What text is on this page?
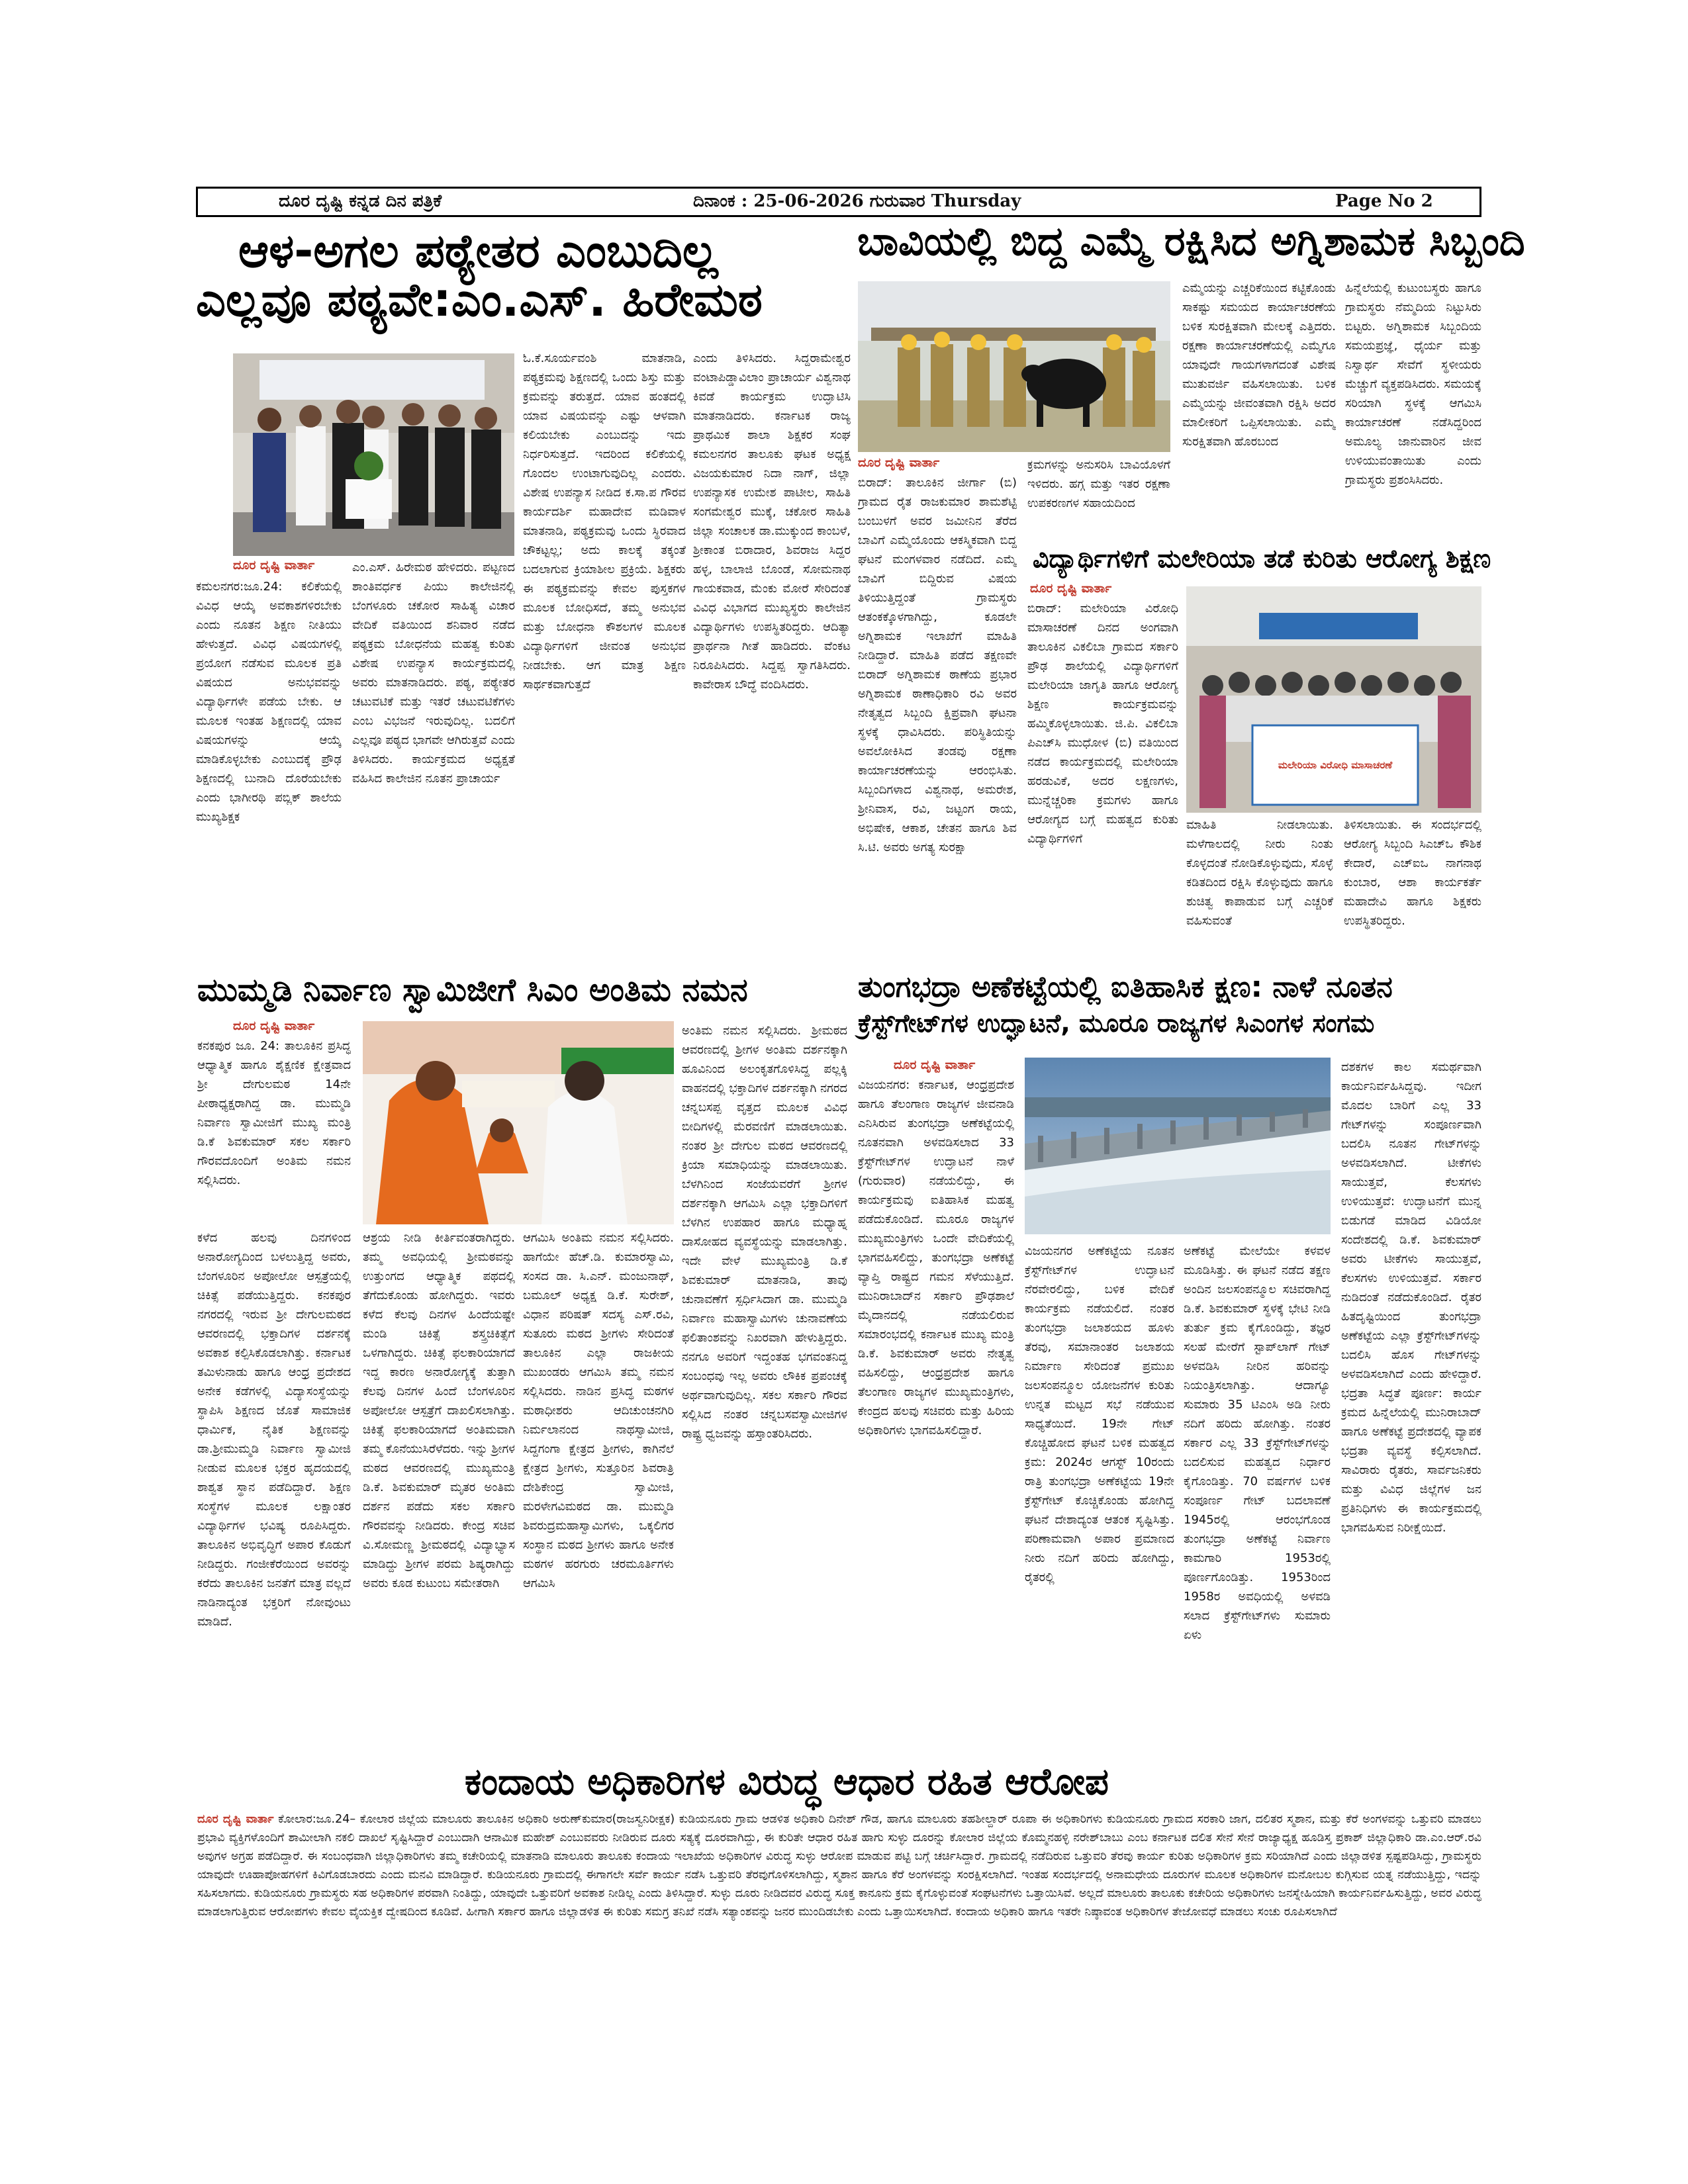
ದೂರ ದೃಷ್ಟಿ ಕನ್ನಡ ದಿನ ಪತ್ರಿಕೆ	ದಿನಾಂಕ : 25-06-2026 ಗುರುವಾರ Thursday	Page No 2
ಆಳ-ಅಗಲ ಪಠ್ಯೇತರ ಎಂಬುದಿಲ್ಲ
ಎಲ್ಲವೂ ಪಠ್ಯವೇ:ಎಂ.ಎಸ್. ಹಿರೇಮಠ
ಕಮಲನಗರ:ಜೂ.24: ಕಲಿಕೆಯಲ್ಲಿ ವಿವಿಧ ಆಯ್ಕೆ ಅವಕಾಶಗಳಿರಬೇಕು ಎಂದು ನೂತನ ಶಿಕ್ಷಣ ನೀತಿಯು ಹೇಳುತ್ತದೆ. ವಿವಿಧ ವಿಷಯಗಳಲ್ಲಿ ಪ್ರಯೋಗ ನಡೆಸುವ ಮೂಲಕ ಪ್ರತಿ ವಿಷಯದ ಅನುಭವವನ್ನು ವಿದ್ಯಾರ್ಥಿಗಳೇ ಪಡೆಯ ಬೇಕು. ಆ ಮೂಲಕ ಇಂತಹ ಶಿಕ್ಷಣದಲ್ಲಿ ಯಾವ ವಿಷಯಗಳನ್ನು ಆಯ್ಕೆ ಮಾಡಿಕೊಳ್ಳಬೇಕು ಎಂಬುದಕ್ಕೆ ಪ್ರೌಢ ಶಿಕ್ಷಣದಲ್ಲಿ ಬುನಾದಿ ದೊರೆಯಬೇಕು ಎಂದು ಭಾಗೀರಥಿ ಪಬ್ಲಿಕ್ ಶಾಲೆಯ ಮುಖ್ಯಶಿಕ್ಷಕ
ದೂರ ದೃಷ್ಟಿ ವಾರ್ತಾ	ಎಂ.ಎಸ್. ಹಿರೇಮಠ ಹೇಳಿದರು. ಪಟ್ಟಣದ ಶಾಂತಿವರ್ಧಕ ಪಿಯು ಕಾಲೇಜಿನಲ್ಲಿ ಬೆಂಗಳೂರು ಚಕೋರ ಸಾಹಿತ್ಯ ವಿಚಾರ ವೇದಿಕೆ ವತಿಯಿಂದ ಶನಿವಾರ ನಡೆದ ಪಠ್ಯಕ್ರಮ ಬೋಧನೆಯ ಮಹತ್ವ ಕುರಿತು ವಿಶೇಷ ಉಪನ್ಯಾಸ ಕಾರ್ಯಕ್ರಮದಲ್ಲಿ ಅವರು ಮಾತನಾಡಿದರು. ಪಠ್ಯ, ಪಠ್ಯೇತರ ಚಟುವಟಿಕೆ ಮತ್ತು ಇತರೆ ಚಟುವಟಿಕೆಗಳು ಎಂಬ ವಿಭಜನೆ ಇರುವುದಿಲ್ಲ. ಬದಲಿಗೆ ಎಲ್ಲವೂ ಪಠ್ಯದ ಭಾಗವೇ ಆಗಿರುತ್ತವೆ ಎಂದು ತಿಳಿಸಿದರು. ಕಾರ್ಯಕ್ರಮದ ಅಧ್ಯಕ್ಷತೆ ವಹಿಸಿದ ಕಾಲೇಜಿನ ನೂತನ ಪ್ರಾಚಾರ್ಯ
ಓ.ಕೆ.ಸೂರ್ಯವಂಶಿ ಮಾತನಾಡಿ, ಪಠ್ಯಕ್ರಮವು ಶಿಕ್ಷಣದಲ್ಲಿ ಒಂದು ಶಿಸ್ತು ಮತ್ತು ಕ್ರಮವನ್ನು ತರುತ್ತದೆ. ಯಾವ ಹಂತದಲ್ಲಿ ಯಾವ ವಿಷಯವನ್ನು ಎಷ್ಟು ಆಳವಾಗಿ ಕಲಿಯಬೇಕು ಎಂಬುದನ್ನು ಇದು ನಿರ್ಧರಿಸುತ್ತದೆ. ಇದರಿಂದ ಕಲಿಕೆಯಲ್ಲಿ ಗೊಂದಲ ಉಂಟಾಗುವುದಿಲ್ಲ ಎಂದರು. ವಿಶೇಷ ಉಪನ್ಯಾಸ ನೀಡಿದ ಕ.ಸಾ.ಪ ಗೌರವ ಕಾರ್ಯದರ್ಶಿ ಮಹಾದೇವ ಮಡಿವಾಳ ಮಾತನಾಡಿ, ಪಠ್ಯಕ್ರಮವು ಒಂದು ಸ್ಥಿರವಾದ ಚೌಕಟ್ಟಲ್ಲ; ಅದು ಕಾಲಕ್ಕೆ ತಕ್ಕಂತೆ ಬದಲಾಗುವ ಕ್ರಿಯಾಶೀಲ ಪ್ರಕ್ರಿಯೆ. ಶಿಕ್ಷಕರು ಈ ಪಠ್ಯಕ್ರಮವನ್ನು ಕೇವಲ ಪುಸ್ತಕಗಳ ಮೂಲಕ ಬೋಧಿಸದೆ, ತಮ್ಮ ಅನುಭವ ಮತ್ತು ಬೋಧನಾ ಕೌಶಲಗಳ ಮೂಲಕ ವಿದ್ಯಾರ್ಥಿಗಳಿಗೆ ಜೀವಂತ ಅನುಭವ ನೀಡಬೇಕು. ಆಗ ಮಾತ್ರ ಶಿಕ್ಷಣ ಸಾರ್ಥಕವಾಗುತ್ತದೆ
ಎಂದು ತಿಳಿಸಿದರು. ಸಿದ್ದರಾಮೇಶ್ವರ ವಂಟಾಪಿಡ್ಡಾವಿಲಾಂ ಪ್ರಾಚಾರ್ಯ ವಿಶ್ವನಾಥ ಕಿವಡೆ ಕಾರ್ಯಕ್ರಮ ಉದ್ಘಾಟಿಸಿ ಮಾತನಾಡಿದರು. ಕರ್ನಾಟಕ ರಾಜ್ಯ ಪ್ರಾಥಮಿಕ ಶಾಲಾ ಶಿಕ್ಷಕರ ಸಂಘ ಕಮಲನಗರ ತಾಲೂಕು ಘಟಕ ಅಧ್ಯಕ್ಷ ವಿಜಯಕುಮಾರ ನಿದಾ ನಾಗ್, ಜಿಲ್ಲಾ ಉಪನ್ಯಾಸಕ ಉಮೇಶ ಪಾಟೀಲ, ಸಾಹಿತಿ ಸಂಗಮೇಶ್ವರ ಮುಕ್ಕೆ, ಚಕೋರ ಸಾಹಿತಿ ಜಿಲ್ಲಾ ಸಂಚಾಲಕ ಡಾ.ಮುಕ್ಕುಂದ ಕಾಂಬಳೆ, ಶ್ರೀಕಾಂತ ಬಿರಾದಾರ, ಶಿವರಾಜ ಸಿದ್ದರ ಹಳ್ಳ, ಬಾಲಾಜಿ ಬೊಂಡೆ, ಸೋಮನಾಥ ಗಾಯಕವಾಡ, ಮೆಂಕು ಮೋರೆ ಸೇರಿದಂತೆ ವಿವಿಧ ವಿಭಾಗದ ಮುಖ್ಯಸ್ಥರು ಕಾಲೇಜಿನ ವಿದ್ಯಾರ್ಥಿಗಳು ಉಪಸ್ಥಿತರಿದ್ದರು. ಆದಿತ್ಯಾ ಪ್ರಾರ್ಥನಾ ಗೀತೆ ಹಾಡಿದರು. ವೆಂಕಟ ನಿರೂಪಿಸಿದರು. ಸಿದ್ದಪ್ಪ ಸ್ವಾಗತಿಸಿದರು. ಕಾವೇರಾಸ ಬೌದ್ಧೆ ವಂದಿಸಿದರು.
ಬಾವಿಯಲ್ಲಿ ಬಿದ್ದ ಎಮ್ಮೆ ರಕ್ಷಿಸಿದ ಅಗ್ನಿಶಾಮಕ ಸಿಬ್ಬಂದಿ
ದೂರ ದೃಷ್ಟಿ ವಾರ್ತಾ
ಬಿರಾದ್: ತಾಲೂಕಿನ ಜೀರ್ಗಾ (ಬಿ) ಗ್ರಾಮದ ರೈತ ರಾಜಕುಮಾರ ಶಾಮಶೆಟ್ಟಿ ಬಂಬುಳಗೆ ಅವರ ಜಮೀನಿನ ತೆರೆದ ಬಾವಿಗೆ ಎಮ್ಮೆಯೊಂದು ಆಕಸ್ಮಿಕವಾಗಿ ಬಿದ್ದ ಘಟನೆ ಮಂಗಳವಾರ ನಡೆದಿದೆ. ಎಮ್ಮೆ ಬಾವಿಗೆ ಬಿದ್ದಿರುವ ವಿಷಯ ತಿಳಿಯುತ್ತಿದ್ದಂತೆ ಗ್ರಾಮಸ್ಥರು ಆತಂಕಕ್ಕೊಳಗಾಗಿದ್ದು, ಕೂಡಲೇ ಅಗ್ನಿಶಾಮಕ ಇಲಾಖೆಗೆ ಮಾಹಿತಿ ನೀಡಿದ್ದಾರೆ. ಮಾಹಿತಿ ಪಡೆದ ತಕ್ಷಣವೇ ಬಿರಾದ್ ಅಗ್ನಿಶಾಮಕ ಠಾಣೆಯ ಪ್ರಭಾರ ಅಗ್ನಿಶಾಮಕ ಠಾಣಾಧಿಕಾರಿ ರವಿ ಅವರ ನೇತೃತ್ವದ ಸಿಬ್ಬಂದಿ ಕ್ಷಿಪ್ರವಾಗಿ ಘಟನಾ ಸ್ಥಳಕ್ಕೆ ಧಾವಿಸಿದರು. ಪರಿಸ್ಥಿತಿಯನ್ನು ಅವಲೋಕಿಸಿದ ತಂಡವು ರಕ್ಷಣಾ ಕಾರ್ಯಾಚರಣೆಯನ್ನು ಆರಂಭಿಸಿತು. ಸಿಬ್ಬಂದಿಗಳಾದ ವಿಶ್ವನಾಥ, ಅಮರೇಶ, ಶ್ರೀನಿವಾಸ, ರವಿ, ಜಟ್ಟಂಗ ರಾಯ, ಅಭಿಷೇಕ, ಆಕಾಶ, ಚೇತನ ಹಾಗೂ ಶಿವ ಸಿ.ಟಿ. ಅವರು ಅಗತ್ಯ ಸುರಕ್ಷಾ
ಕ್ರಮಗಳನ್ನು ಅನುಸರಿಸಿ ಬಾವಿಯೊಳಗೆ ಇಳಿದರು. ಹಗ್ಗ ಮತ್ತು ಇತರ ರಕ್ಷಣಾ ಉಪಕರಣಗಳ ಸಹಾಯದಿಂದ
ಎಮ್ಮೆಯನ್ನು ಎಚ್ಚರಿಕೆಯಿಂದ ಕಟ್ಟಿಕೊಂಡು ಸಾಕಷ್ಟು ಸಮಯದ ಕಾರ್ಯಾಚರಣೆಯ ಬಳಿಕ ಸುರಕ್ಷಿತವಾಗಿ ಮೇಲಕ್ಕೆ ಎತ್ತಿದರು. ರಕ್ಷಣಾ ಕಾರ್ಯಾಚರಣೆಯಲ್ಲಿ ಎಮ್ಮೆಗೂ ಯಾವುದೇ ಗಾಯಗಳಾಗದಂತೆ ವಿಶೇಷ ಮುತುವರ್ಜಿ ವಹಿಸಲಾಯಿತು. ಬಳಿಕ ಎಮ್ಮೆಯನ್ನು ಜೀವಂತವಾಗಿ ರಕ್ಷಿಸಿ ಅದರ ಮಾಲೀಕರಿಗೆ ಒಪ್ಪಿಸಲಾಯಿತು. ಎಮ್ಮೆ ಸುರಕ್ಷಿತವಾಗಿ ಹೊರಬಂದ
ಹಿನ್ನೆಲೆಯಲ್ಲಿ ಕುಟುಂಬಸ್ಥರು ಹಾಗೂ ಗ್ರಾಮಸ್ಥರು ನೆಮ್ಮದಿಯ ನಿಟ್ಟುಸಿರು ಬಿಟ್ಟರು. ಅಗ್ನಿಶಾಮಕ ಸಿಬ್ಬಂದಿಯ ಸಮಯಪ್ರಜ್ಞೆ, ಧೈರ್ಯ ಮತ್ತು ನಿಸ್ವಾರ್ಥ ಸೇವೆಗೆ ಸ್ಥಳೀಯರು ಮೆಚ್ಚುಗೆ ವ್ಯಕ್ತಪಡಿಸಿದರು. ಸಮಯಕ್ಕೆ ಸರಿಯಾಗಿ ಸ್ಥಳಕ್ಕೆ ಆಗಮಿಸಿ ಕಾರ್ಯಾಚರಣೆ ನಡೆಸಿದ್ದರಿಂದ ಅಮೂಲ್ಯ ಜಾನುವಾರಿನ ಜೀವ ಉಳಿಯುವಂತಾಯಿತು ಎಂದು ಗ್ರಾಮಸ್ಥರು ಪ್ರಶಂಸಿಸಿದರು.
ವಿದ್ಯಾರ್ಥಿಗಳಿಗೆ ಮಲೇರಿಯಾ ತಡೆ ಕುರಿತು ಆರೋಗ್ಯ ಶಿಕ್ಷಣ
ದೂರ ದೃಷ್ಟಿ ವಾರ್ತಾ
ಬಿರಾದ್: ಮಲೇರಿಯಾ ವಿರೋಧಿ ಮಾಸಾಚರಣೆ ದಿನದ ಅಂಗವಾಗಿ ತಾಲೂಕಿನ ವಿಕಲಿಬಾ ಗ್ರಾಮದ ಸರ್ಕಾರಿ ಪ್ರೌಢ ಶಾಲೆಯಲ್ಲಿ ವಿದ್ಯಾರ್ಥಿಗಳಿಗೆ ಮಲೇರಿಯಾ ಜಾಗೃತಿ ಹಾಗೂ ಆರೋಗ್ಯ ಶಿಕ್ಷಣ ಕಾರ್ಯಕ್ರಮವನ್ನು ಹಮ್ಮಿಕೊಳ್ಳಲಾಯಿತು. ಜಿ.ಪಿ. ವಿಕಲಿಬಾ ಪಿಎಚ್‌ಸಿ ಮುಧೋಳ (ಬಿ) ವತಿಯಿಂದ ನಡೆದ ಕಾರ್ಯಕ್ರಮದಲ್ಲಿ ಮಲೇರಿಯಾ ಹರಡುವಿಕೆ, ಅದರ ಲಕ್ಷಣಗಳು, ಮುನ್ನೆಚ್ಚರಿಕಾ ಕ್ರಮಗಳು ಹಾಗೂ ಆರೋಗ್ಯದ ಬಗ್ಗೆ ಮಹತ್ವದ ಕುರಿತು ವಿದ್ಯಾರ್ಥಿಗಳಿಗೆ
ಮಲೇರಿಯಾ ವಿರೋಧಿ ಮಾಸಾಚರಣೆ
ಮಾಹಿತಿ ನೀಡಲಾಯಿತು. ಮಳೆಗಾಲದಲ್ಲಿ ನೀರು ನಿಂತು ಕೊಳ್ಳದಂತೆ ನೋಡಿಕೊಳ್ಳುವುದು, ಸೊಳ್ಳೆ ಕಡಿತದಿಂದ ರಕ್ಷಿಸಿ ಕೊಳ್ಳುವುದು ಹಾಗೂ ಶುಚಿತ್ವ ಕಾಪಾಡುವ ಬಗ್ಗೆ ಎಚ್ಚರಿಕೆ ವಹಿಸುವಂತೆ
ತಿಳಿಸಲಾಯಿತು. ಈ ಸಂದರ್ಭದಲ್ಲಿ ಆರೋಗ್ಯ ಸಿಬ್ಬಂದಿ ಸಿಎಚ್‌ಒ ಕೌಶಿಕ ಕೇದಾರೆ, ಎಚ್‌ಐಒ ನಾಗನಾಥ ಕುಂಬಾರ, ಆಶಾ ಕಾರ್ಯಕರ್ತೆ ಮಹಾದೇವಿ ಹಾಗೂ ಶಿಕ್ಷಕರು ಉಪಸ್ಥಿತರಿದ್ದರು.
ಮುಮ್ಮಡಿ ನಿರ್ವಾಣ ಸ್ವಾಮಿಜೀಗೆ ಸಿಎಂ ಅಂತಿಮ ನಮನ
ದೂರ ದೃಷ್ಟಿ ವಾರ್ತಾ
ಕನಕಪುರ ಜೂ. 24: ತಾಲೂಕಿನ ಪ್ರಸಿದ್ಧ ಆಧ್ಯಾತ್ಮಿಕ ಹಾಗೂ ಶೈಕ್ಷಣಿಕ ಕ್ಷೇತ್ರವಾದ ಶ್ರೀ ದೇಗುಲಮಠ 14ನೇ ಪೀಠಾಧ್ಯಕ್ಷರಾಗಿದ್ದ ಡಾ. ಮುಮ್ಮಡಿ ನಿರ್ವಾಣ ಸ್ವಾಮೀಜಿಗೆ ಮುಖ್ಯ ಮಂತ್ರಿ ಡಿ.ಕೆ ಶಿವಕುಮಾರ್ ಸಕಲ ಸರ್ಕಾರಿ ಗೌರವದೊಂದಿಗೆ ಅಂತಿಮ ನಮನ ಸಲ್ಲಿಸಿದರು.
ಕಳೆದ ಹಲವು ದಿನಗಳಿಂದ ಅನಾರೋಗ್ಯದಿಂದ ಬಳಲುತ್ತಿದ್ದ ಅವರು, ಬೆಂಗಳೂರಿನ ಅಪೋಲೋ ಆಸ್ಪತ್ರೆಯಲ್ಲಿ ಚಿಕಿತ್ಸೆ ಪಡೆಯುತ್ತಿದ್ದರು. ಕನಕಪುರ ನಗರದಲ್ಲಿ ಇರುವ ಶ್ರೀ ದೇಗುಲಮಠದ ಆವರಣದಲ್ಲಿ ಭಕ್ತಾದಿಗಳ ದರ್ಶನಕ್ಕೆ ಅವಕಾಶ ಕಲ್ಪಿಸಿಕೊಡಲಾಗಿತ್ತು. ಕರ್ನಾಟಕ ತಮಿಳುನಾಡು ಹಾಗೂ ಆಂಧ್ರ ಪ್ರದೇಶದ ಅನೇಕ ಕಡೆಗಳಲ್ಲಿ ವಿದ್ಯಾಸಂಸ್ಥೆಯನ್ನು ಸ್ಥಾಪಿಸಿ ಶಿಕ್ಷಣದ ಜೊತೆ ಸಾಮಾಜಿಕ ಧಾರ್ಮಿಕ, ನೈತಿಕ ಶಿಕ್ಷಣವನ್ನು ಡಾ.ಶ್ರೀಮುಮ್ಮಡಿ ನಿರ್ವಾಣ ಸ್ವಾಮೀಜಿ ನೀಡುವ ಮೂಲಕ ಭಕ್ತರ ಹೃದಯದಲ್ಲಿ ಶಾಶ್ವತ ಸ್ಥಾನ ಪಡೆದಿದ್ದಾರೆ. ಶಿಕ್ಷಣ ಸಂಸ್ಥೆಗಳ ಮೂಲಕ ಲಕ್ಷಾಂತರ ವಿದ್ಯಾರ್ಥಿಗಳ ಭವಿಷ್ಯ ರೂಪಿಸಿದ್ದರು. ತಾಲೂಕಿನ ಅಭಿವೃದ್ಧಿಗೆ ಅಪಾರ ಕೊಡುಗೆ ನೀಡಿದ್ದರು. ಗಂಜೀಕೆರೆಯಿಂದ ಅವರನ್ನು ಕರೆದು ತಾಲೂಕಿನ ಜನತೆಗೆ ಮಾತ್ರ ವಲ್ಲದೆ ನಾಡಿನಾದ್ಯಂತ ಭಕ್ತರಿಗೆ ನೋವುಂಟು ಮಾಡಿದೆ.
ಆಶ್ರಯ ನೀಡಿ ಕೀರ್ತಿವಂತರಾಗಿದ್ದರು. ತಮ್ಮ ಅವಧಿಯಲ್ಲಿ ಶ್ರೀಮಠವನ್ನು ಉತ್ತುಂಗದ ಆಧ್ಯಾತ್ಮಿಕ ಪಥದಲ್ಲಿ ತೆಗೆದುಕೊಂಡು ಹೋಗಿದ್ದರು. ಇವರು ಕಳೆದ ಕೆಲವು ದಿನಗಳ ಹಿಂದೆಯಷ್ಟೇ ಮಂಡಿ ಚಿಕಿತ್ಸೆ ಶಸ್ತ್ರಚಿಕಿತ್ಸೆಗೆ ಒಳಗಾಗಿದ್ದರು. ಚಿಕಿತ್ಸೆ ಫಲಕಾರಿಯಾಗದೆ ಇದ್ದ ಕಾರಣ ಅನಾರೋಗ್ಯಕ್ಕೆ ತುತ್ತಾಗಿ ಕೆಲವು ದಿನಗಳ ಹಿಂದೆ ಬೆಂಗಳೂರಿನ ಅಪೋಲೋ ಆಸ್ಪತ್ರೆಗೆ ದಾಖಲಿಸಲಾಗಿತ್ತು. ಚಿಕಿತ್ಸೆ ಫಲಕಾರಿಯಾಗದೆ ಅಂತಿಮವಾಗಿ ತಮ್ಮ ಕೊನೆಯುಸಿರೆಳೆದರು. ಇನ್ನು ಶ್ರೀಗಳ ಮಠದ ಆವರಣದಲ್ಲಿ ಮುಖ್ಯಮಂತ್ರಿ ಡಿ.ಕೆ. ಶಿವಕುಮಾರ್ ಮೃತರ ಅಂತಿಮ ದರ್ಶನ ಪಡೆದು ಸಕಲ ಸರ್ಕಾರಿ ಗೌರವವನ್ನು ನೀಡಿದರು. ಕೇಂದ್ರ ಸಚಿವ ವಿ.ಸೋಮಣ್ಣ ಶ್ರೀಮಠದಲ್ಲಿ ವಿದ್ಯಾಭ್ಯಾಸ ಮಾಡಿದ್ದು ಶ್ರೀಗಳ ಪರಮ ಶಿಷ್ಯರಾಗಿದ್ದು ಅವರು ಕೂಡ ಕುಟುಂಬ ಸಮೇತರಾಗಿ
ಆಗಮಿಸಿ ಅಂತಿಮ ನಮನ ಸಲ್ಲಿಸಿದರು. ಹಾಗೆಯೇ ಹೆಚ್.ಡಿ. ಕುಮಾರಸ್ವಾಮಿ, ಸಂಸದ ಡಾ. ಸಿ.ಎನ್. ಮಂಜುನಾಥ್, ಬಮೂಲ್ ಅಧ್ಯಕ್ಷ ಡಿ.ಕೆ. ಸುರೇಶ್, ವಿಧಾನ ಪರಿಷತ್ ಸದಸ್ಯ ಎಸ್.ರವಿ, ಸುತೂರು ಮಠದ ಶ್ರೀಗಳು ಸೇರಿದಂತೆ ತಾಲೂಕಿನ ಎಲ್ಲಾ ರಾಜಕೀಯ ಮುಖಂಡರು ಆಗಮಿಸಿ ತಮ್ಮ ನಮನ ಸಲ್ಲಿಸಿದರು. ನಾಡಿನ ಪ್ರಸಿದ್ಧ ಮಠಗಳ ಮಠಾಧೀಶರು ಆದಿಚುಂಚನಗಿರಿ ನಿರ್ಮಲಾನಂದ ನಾಥಸ್ವಾಮೀಜಿ, ಸಿದ್ದಗಂಗಾ ಕ್ಷೇತ್ರದ ಶ್ರೀಗಳು, ಕಾಗಿನೆಲೆ ಕ್ಷೇತ್ರದ ಶ್ರೀಗಳು, ಸುತ್ತೂರಿನ ಶಿವರಾತ್ರಿ ದೇಶಿಕೇಂದ್ರ ಸ್ವಾಮೀಜಿ, ಮರಳೇಗವಿಮಠದ ಡಾ. ಮುಮ್ಮಡಿ ಶಿವರುದ್ರಮಹಾಸ್ವಾಮಿಗಳು, ಒಕ್ಕಲಿಗರ ಸಂಸ್ಥಾನ ಮಠದ ಶ್ರೀಗಳು ಹಾಗೂ ಅನೇಕ ಮಠಗಳ ಹರಗುರು ಚರಮೂರ್ತಿಗಳು ಆಗಮಿಸಿ
ಅಂತಿಮ ನಮನ ಸಲ್ಲಿಸಿದರು. ಶ್ರೀಮಠದ ಆವರಣದಲ್ಲಿ ಶ್ರೀಗಳ ಅಂತಿಮ ದರ್ಶನಕ್ಕಾಗಿ ಹೂವಿನಿಂದ ಅಲಂಕೃತಗೊಳಿಸಿದ್ದ ಪಲ್ಲಕ್ಕಿ ವಾಹನದಲ್ಲಿ ಭಕ್ತಾದಿಗಳ ದರ್ಶನಕ್ಕಾಗಿ ನಗರದ ಚನ್ನಬಸಪ್ಪ ವೃತ್ತದ ಮೂಲಕ ವಿವಿಧ ಬೀದಿಗಳಲ್ಲಿ ಮೆರವಣಿಗೆ ಮಾಡಲಾಯಿತು. ನಂತರ ಶ್ರೀ ದೇಗುಲ ಮಠದ ಆವರಣದಲ್ಲಿ ಕ್ರಿಯಾ ಸಮಾಧಿಯನ್ನು ಮಾಡಲಾಯಿತು. ಬೆಳಗಿನಿಂದ ಸಂಜೆಯವರೆಗೆ ಶ್ರೀಗಳ ದರ್ಶನಕ್ಕಾಗಿ ಆಗಮಿಸಿ ಎಲ್ಲಾ ಭಕ್ತಾದಿಗಳಿಗೆ ಬೆಳಗಿನ ಉಪಹಾರ ಹಾಗೂ ಮಧ್ಯಾಹ್ನ ದಾಸೋಹದ ವ್ಯವಸ್ಥೆಯನ್ನು ಮಾಡಲಾಗಿತ್ತು. ಇದೇ ವೇಳೆ ಮುಖ್ಯಮಂತ್ರಿ ಡಿ.ಕೆ ಶಿವಕುಮಾರ್ ಮಾತನಾಡಿ, ತಾವು ಚುನಾವಣೆಗೆ ಸ್ಪರ್ಧಿಸಿದಾಗ ಡಾ. ಮುಮ್ಮಡಿ ನಿರ್ವಾಣ ಮಹಾಸ್ವಾಮಿಗಳು ಚುನಾವಣೆಯ ಫಲಿತಾಂಶವನ್ನು ನಿಖರವಾಗಿ ಹೇಳುತ್ತಿದ್ದರು. ನನಗೂ ಅವರಿಗೆ ಇದ್ದಂತಹ ಭಗವಂತನಿದ್ದ ಸಂಬಂಧವು ಇಲ್ಲ ಅವರು ಲೌಕಿಕ ಪ್ರಪಂಚಕ್ಕೆ ಅರ್ಥವಾಗುವುದಿಲ್ಲ. ಸಕಲ ಸರ್ಕಾರಿ ಗೌರವ ಸಲ್ಲಿಸಿದ ನಂತರ ಚನ್ನಬಸವಸ್ವಾಮೀಜಿಗಳ ರಾಷ್ಟ್ರ ಧ್ವಜವನ್ನು ಹಸ್ತಾಂತರಿಸಿದರು.
ತುಂಗಭದ್ರಾ ಅಣೆಕಟ್ಟೆಯಲ್ಲಿ ಐತಿಹಾಸಿಕ ಕ್ಷಣ: ನಾಳೆ ನೂತನ
ಕ್ರೆಸ್ಟ್‌ಗೇಟ್‌ಗಳ ಉದ್ಘಾಟನೆ, ಮೂರೂ ರಾಜ್ಯಗಳ ಸಿಎಂಗಳ ಸಂಗಮ
ದೂರ ದೃಷ್ಟಿ ವಾರ್ತಾ
ವಿಜಯನಗರ: ಕರ್ನಾಟಕ, ಆಂಧ್ರಪ್ರದೇಶ ಹಾಗೂ ತೆಲಂಗಾಣ ರಾಜ್ಯಗಳ ಜೀವನಾಡಿ ಎನಿಸಿರುವ ತುಂಗಭದ್ರಾ ಅಣೆಕಟ್ಟೆಯಲ್ಲಿ ನೂತನವಾಗಿ ಅಳವಡಿಸಲಾದ 33 ಕ್ರೆಸ್ಟ್‌ಗೇಟ್‌ಗಳ ಉದ್ಘಾಟನೆ ನಾಳೆ (ಗುರುವಾರ) ನಡೆಯಲಿದ್ದು, ಈ ಕಾರ್ಯಕ್ರಮವು ಐತಿಹಾಸಿಕ ಮಹತ್ವ ಪಡೆದುಕೊಂಡಿದೆ. ಮೂರೂ ರಾಜ್ಯಗಳ ಮುಖ್ಯಮಂತ್ರಿಗಳು ಒಂದೇ ವೇದಿಕೆಯಲ್ಲಿ ಭಾಗವಹಿಸಲಿದ್ದು, ತುಂಗಭದ್ರಾ ಅಣೆಕಟ್ಟೆ ವ್ಯಾಪ್ತಿ ರಾಷ್ಟ್ರದ ಗಮನ ಸೆಳೆಯುತ್ತಿದೆ. ಮುನಿರಾಬಾದ್‌ನ ಸರ್ಕಾರಿ ಪ್ರೌಢಶಾಲೆ ಮೈದಾನದಲ್ಲಿ ನಡೆಯಲಿರುವ ಸಮಾರಂಭದಲ್ಲಿ ಕರ್ನಾಟಕ ಮುಖ್ಯ ಮಂತ್ರಿ ಡಿ.ಕೆ. ಶಿವಕುಮಾರ್ ಅವರು ನೇತೃತ್ವ ವಹಿಸಲಿದ್ದು, ಆಂಧ್ರಪ್ರದೇಶ ಹಾಗೂ ತೆಲಂಗಾಣ ರಾಜ್ಯಗಳ ಮುಖ್ಯಮಂತ್ರಿಗಳು, ಕೇಂದ್ರದ ಹಲವು ಸಚಿವರು ಮತ್ತು ಹಿರಿಯ ಅಧಿಕಾರಿಗಳು ಭಾಗವಹಿಸಲಿದ್ದಾರೆ.
ವಿಜಯನಗರ ಅಣೆಕಟ್ಟೆಯ ನೂತನ ಕ್ರೆಸ್ಟ್‌ಗೇಟ್‌ಗಳ ಉದ್ಘಾಟನೆ ನೆರವೇರಲಿದ್ದು, ಬಳಿಕ ವೇದಿಕೆ ಕಾರ್ಯಕ್ರಮ ನಡೆಯಲಿದೆ. ನಂತರ ತುಂಗಭದ್ರಾ ಜಲಾಶಯದ ಹೂಳು ತೆರವು, ಸಮಾನಾಂತರ ಜಲಾಶಯ ನಿರ್ಮಾಣ ಸೇರಿದಂತೆ ಪ್ರಮುಖ ಜಲಸಂಪನ್ಮೂಲ ಯೋಜನೆಗಳ ಕುರಿತು ಉನ್ನತ ಮಟ್ಟದ ಸಭೆ ನಡೆಯುವ ಸಾಧ್ಯತೆಯಿದೆ. 19ನೇ ಗೇಟ್ ಕೊಚ್ಚಿಹೋದ ಘಟನೆ ಬಳಿಕ ಮಹತ್ವದ ಕ್ರಮ: 2024ರ ಆಗಸ್ಟ್ 10ರಂದು ರಾತ್ರಿ ತುಂಗಭದ್ರಾ ಅಣೆಕಟ್ಟೆಯ 19ನೇ ಕ್ರೆಸ್ಟ್‌ಗೇಟ್ ಕೊಚ್ಚಿಕೊಂಡು ಹೋಗಿದ್ದ ಘಟನೆ ದೇಶಾದ್ಯಂತ ಆತಂಕ ಸೃಷ್ಟಿಸಿತ್ತು. ಪರಿಣಾಮವಾಗಿ ಅಪಾರ ಪ್ರಮಾಣದ ನೀರು ನದಿಗೆ ಹರಿದು ಹೋಗಿದ್ದು, ರೈತರಲ್ಲಿ
ಅಣೆಕಟ್ಟೆ ಮೇಲೆಯೇ ಕಳವಳ ಮೂಡಿಸಿತ್ತು. ಈ ಘಟನೆ ನಡೆದ ತಕ್ಷಣ ಅಂದಿನ ಜಲಸಂಪನ್ಮೂಲ ಸಚಿವರಾಗಿದ್ದ ಡಿ.ಕೆ. ಶಿವಕುಮಾರ್ ಸ್ಥಳಕ್ಕೆ ಭೇಟಿ ನೀಡಿ ತುರ್ತು ಕ್ರಮ ಕೈಗೊಂಡಿದ್ದು, ತಜ್ಞರ ಸಲಹೆ ಮೇರೆಗೆ ಸ್ಟಾಪ್‌ಲಾಗ್ ಗೇಟ್ ಅಳವಡಿಸಿ ನೀರಿನ ಹರಿವನ್ನು ನಿಯಂತ್ರಿಸಲಾಗಿತ್ತು. ಆದಾಗ್ಯೂ ಸುಮಾರು 35 ಟಿಎಂಸಿ ಅಡಿ ನೀರು ನದಿಗೆ ಹರಿದು ಹೋಗಿತ್ತು. ನಂತರ ಸರ್ಕಾರ ಎಲ್ಲ 33 ಕ್ರೆಸ್ಟ್‌ಗೇಟ್‌ಗಳನ್ನು ಬದಲಿಸುವ ಮಹತ್ವದ ನಿರ್ಧಾರ ಕೈಗೊಂಡಿತ್ತು. 70 ವರ್ಷಗಳ ಬಳಿಕ ಸಂಪೂರ್ಣ ಗೇಟ್ ಬದಲಾವಣೆ 1945ರಲ್ಲಿ ಆರಂಭಗೊಂಡ ತುಂಗಭದ್ರಾ ಅಣೆಕಟ್ಟೆ ನಿರ್ವಾಣ ಕಾಮಗಾರಿ 1953ರಲ್ಲಿ ಪೂರ್ಣಗೊಂಡಿತ್ತು. 1953ರಿಂದ 1958ರ ಅವಧಿಯಲ್ಲಿ ಅಳವಡಿ ಸಲಾದ ಕ್ರೆಸ್ಟ್‌ಗೇಟ್‌ಗಳು ಸುಮಾರು ಏಳು
ದಶಕಗಳ ಕಾಲ ಸಮರ್ಥವಾಗಿ ಕಾರ್ಯನಿರ್ವಹಿಸಿದ್ದವು. ಇದೀಗ ಮೊದಲ ಬಾರಿಗೆ ಎಲ್ಲ 33 ಗೇಟ್‌ಗಳನ್ನು ಸಂಪೂರ್ಣವಾಗಿ ಬದಲಿಸಿ ನೂತನ ಗೇಟ್‌ಗಳನ್ನು ಅಳವಡಿಸಲಾಗಿದೆ. ಟೀಕೆಗಳು ಸಾಯುತ್ತವೆ, ಕೆಲಸಗಳು ಉಳಿಯುತ್ತವೆ: ಉದ್ಘಾಟನೆಗೆ ಮುನ್ನ ಬಿಡುಗಡೆ ಮಾಡಿದ ವಿಡಿಯೋ ಸಂದೇಶದಲ್ಲಿ ಡಿ.ಕೆ. ಶಿವಕುಮಾರ್ ಅವರು ಟೀಕೆಗಳು ಸಾಯುತ್ತವೆ, ಕೆಲಸಗಳು ಉಳಿಯುತ್ತವೆ. ಸರ್ಕಾರ ನುಡಿದಂತೆ ನಡೆದುಕೊಂಡಿದೆ. ರೈತರ ಹಿತದೃಷ್ಟಿಯಿಂದ ತುಂಗಭದ್ರಾ ಅಣೆಕಟ್ಟೆಯ ಎಲ್ಲಾ ಕ್ರೆಸ್ಟ್‌ಗೇಟ್‌ಗಳನ್ನು ಬದಲಿಸಿ ಹೊಸ ಗೇಟ್‌ಗಳನ್ನು ಅಳವಡಿಸಲಾಗಿದೆ ಎಂದು ಹೇಳಿದ್ದಾರೆ. ಭದ್ರತಾ ಸಿದ್ಧತೆ ಪೂರ್ಣ: ಕಾರ್ಯ ಕ್ರಮದ ಹಿನ್ನೆಲೆಯಲ್ಲಿ ಮುನಿರಾಬಾದ್ ಹಾಗೂ ಅಣೆಕಟ್ಟೆ ಪ್ರದೇಶದಲ್ಲಿ ವ್ಯಾಪಕ ಭದ್ರತಾ ವ್ಯವಸ್ಥೆ ಕಲ್ಪಿಸಲಾಗಿದೆ. ಸಾವಿರಾರು ರೈತರು, ಸಾರ್ವಜನಿಕರು ಮತ್ತು ವಿವಿಧ ಜಿಲ್ಲೆಗಳ ಜನ ಪ್ರತಿನಿಧಿಗಳು ಈ ಕಾರ್ಯಕ್ರಮದಲ್ಲಿ ಭಾಗವಹಿಸುವ ನಿರೀಕ್ಷೆಯಿದೆ.
ಕಂದಾಯ ಅಧಿಕಾರಿಗಳ ವಿರುದ್ಧ ಆಧಾರ ರಹಿತ ಆರೋಪ
ದೂರ ದೃಷ್ಟಿ ವಾರ್ತಾ ಕೋಲಾರ:ಜೂ.24– ಕೋಲಾರ ಜಿಲ್ಲೆಯ ಮಾಲೂರು ತಾಲೂಕಿನ ಅಧಿಕಾರಿ ಅರುಣ್‌ಕುಮಾರ(ರಾಜಸ್ವನಿರೀಕ್ಷಕ) ಕುಡಿಯನೂರು ಗ್ರಾಮ ಆಡಳಿತ ಅಧಿಕಾರಿ ದಿನೇಶ್ ಗೌಡ, ಹಾಗೂ ಮಾಲೂರು ತಹಶೀಲ್ದಾರ್ ರೂಪಾ ಈ ಅಧಿಕಾರಿಗಳು ಕುಡಿಯನೂರು ಗ್ರಾಮದ ಸರಕಾರಿ ಜಾಗ, ದಲಿತರ ಸ್ಮಶಾನ, ಮತ್ತು ಕೆರೆ ಅಂಗಳವನ್ನು ಒತ್ತುವರಿ ಮಾಡಲು ಪ್ರಭಾವಿ ವ್ಯಕ್ತಿಗಳೊಂದಿಗೆ ಶಾಮೀಲಾಗಿ ನಕಲಿ ದಾಖಲೆ ಸೃಷ್ಟಿಸಿದ್ದಾರೆ ಎಂಬುದಾಗಿ ಆನಾಮಿಕ ಮಹೇಶ್ ಎಂಬುವವರು ನೀಡಿರುವ ದೂರು ಸತ್ಯಕ್ಕೆ ದೂರವಾಗಿದ್ದು, ಈ ಕುರಿತೇ ಆಧಾರ ರಹಿತ ಹಾಗು ಸುಳ್ಳು ದೂರನ್ನು ಕೋಲಾರ ಜಿಲ್ಲೆಯ ಕೊಮ್ಮನಹಳ್ಳಿ ನರೇಶ್‌ಬಾಬು ಎಂಬ ಕರ್ನಾಟಕ ದಲಿತ ಸೇನೆ ಸೇನೆ ರಾಜ್ಯಾಧ್ಯಕ್ಷ ಹೂಡಿಸ್ತ ಪ್ರಕಾಶ್ ಜಿಲ್ಲಾಧಿಕಾರಿ ಡಾ.ಎಂ.ಆರ್.ರವಿ ಅವುಗಳ ಅಗ್ರಹ ಪಡೆದಿದ್ದಾರೆ. ಈ ಸಂಬಂಧವಾಗಿ ಜಿಲ್ಲಾಧಿಕಾರಿಗಳು ತಮ್ಮ ಕಚೇರಿಯಲ್ಲಿ ಮಾತನಾಡಿ ಮಾಲೂರು ತಾಲೂಕು ಕಂದಾಯ ಇಲಾಖೆಯ ಅಧಿಕಾರಿಗಳ ವಿರುದ್ಧ ಸುಳ್ಳು ಆರೋಪ ಮಾಡುವ ಪಟ್ಟಿ ಬಗ್ಗೆ ಚರ್ಚಿಸಿದ್ದಾರೆ. ಗ್ರಾಮದಲ್ಲಿ ನಡೆದಿರುವ ಒತ್ತುವರಿ ತೆರವು ಕಾರ್ಯ ಕುರಿತು ಅಧಿಕಾರಿಗಳ ಕ್ರಮ ಸರಿಯಾಗಿದೆ ಎಂದು ಜಿಲ್ಲಾಡಳಿತ ಸ್ಪಷ್ಟಪಡಿಸಿದ್ದು, ಗ್ರಾಮಸ್ಥರು ಯಾವುದೇ ಊಹಾಪೋಹಗಳಿಗೆ ಕಿವಿಗೊಡಬಾರದು ಎಂದು ಮನವಿ ಮಾಡಿದ್ದಾರೆ. ಕುಡಿಯನೂರು ಗ್ರಾಮದಲ್ಲಿ ಈಗಾಗಲೇ ಸರ್ವೆ ಕಾರ್ಯ ನಡೆಸಿ ಒತ್ತುವರಿ ತೆರವುಗೊಳಿಸಲಾಗಿದ್ದು, ಸ್ಮಶಾನ ಹಾಗೂ ಕೆರೆ ಅಂಗಳವನ್ನು ಸಂರಕ್ಷಿಸಲಾಗಿದೆ. ಇಂತಹ ಸಂದರ್ಭದಲ್ಲಿ ಅನಾಮಧೇಯ ದೂರುಗಳ ಮೂಲಕ ಅಧಿಕಾರಿಗಳ ಮನೋಬಲ ಕುಗ್ಗಿಸುವ ಯತ್ನ ನಡೆಯುತ್ತಿದ್ದು, ಇದನ್ನು ಸಹಿಸಲಾಗದು. ಕುಡಿಯನೂರು ಗ್ರಾಮಸ್ಥರು ಸಹ ಅಧಿಕಾರಿಗಳ ಪರವಾಗಿ ನಿಂತಿದ್ದು, ಯಾವುದೇ ಒತ್ತುವರಿಗೆ ಅವಕಾಶ ನೀಡಿಲ್ಲ ಎಂದು ತಿಳಿಸಿದ್ದಾರೆ. ಸುಳ್ಳು ದೂರು ನೀಡಿದವರ ವಿರುದ್ಧ ಸೂಕ್ತ ಕಾನೂನು ಕ್ರಮ ಕೈಗೊಳ್ಳುವಂತೆ ಸಂಘಟನೆಗಳು ಒತ್ತಾಯಿಸಿವೆ. ಅಲ್ಲದೆ ಮಾಲೂರು ತಾಲೂಕು ಕಚೇರಿಯ ಅಧಿಕಾರಿಗಳು ಜನಸ್ನೇಹಿಯಾಗಿ ಕಾರ್ಯನಿರ್ವಹಿಸುತ್ತಿದ್ದು, ಅವರ ವಿರುದ್ಧ ಮಾಡಲಾಗುತ್ತಿರುವ ಆರೋಪಗಳು ಕೇವಲ ವೈಯಕ್ತಿಕ ದ್ವೇಷದಿಂದ ಕೂಡಿವೆ. ಹೀಗಾಗಿ ಸರ್ಕಾರ ಹಾಗೂ ಜಿಲ್ಲಾಡಳಿತ ಈ ಕುರಿತು ಸಮಗ್ರ ತನಿಖೆ ನಡೆಸಿ ಸತ್ಯಾಂಶವನ್ನು ಜನರ ಮುಂದಿಡಬೇಕು ಎಂದು ಒತ್ತಾಯಿಸಲಾಗಿದೆ. ಕಂದಾಯ ಅಧಿಕಾರಿ ಹಾಗೂ ಇತರೇ ನಿಷ್ಠಾವಂತ ಅಧಿಕಾರಿಗಳ ತೇಜೋವಧೆ ಮಾಡಲು ಸಂಚು ರೂಪಿಸಲಾಗಿದೆ
